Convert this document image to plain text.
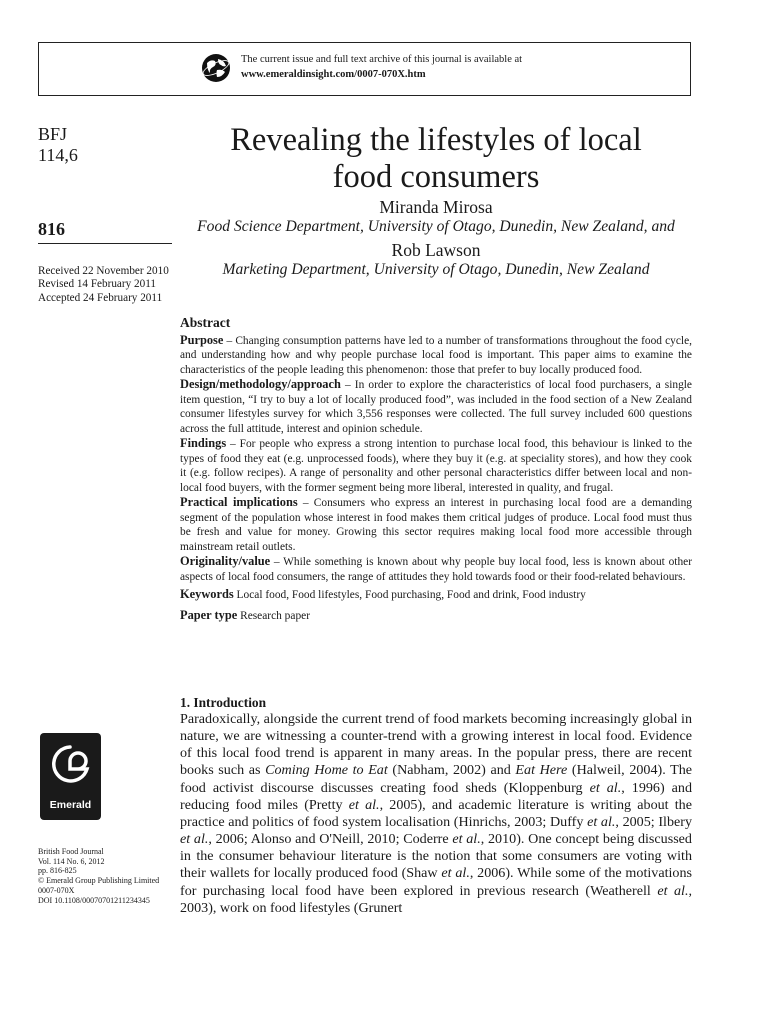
The current issue and full text archive of this journal is available at
www.emeraldinsight.com/0007-070X.htm
BFJ
114,6
816
Received 22 November 2010
Revised 14 February 2011
Accepted 24 February 2011
Revealing the lifestyles of local
food consumers
Miranda Mirosa
Food Science Department, University of Otago, Dunedin, New Zealand, and
Rob Lawson
Marketing Department, University of Otago, Dunedin, New Zealand
Abstract

Purpose – Changing consumption patterns have led to a number of transformations throughout the food cycle, and understanding how and why people purchase local food is important. This paper aims to examine the characteristics of the people leading this phenomenon: those that prefer to buy locally produced food.

Design/methodology/approach – In order to explore the characteristics of local food purchasers, a single item question, “I try to buy a lot of locally produced food”, was included in the food section of a New Zealand consumer lifestyles survey for which 3,556 responses were collected. The full survey included 600 questions across the full attitude, interest and opinion schedule.

Findings – For people who express a strong intention to purchase local food, this behaviour is linked to the types of food they eat (e.g. unprocessed foods), where they buy it (e.g. at speciality stores), and how they cook it (e.g. follow recipes). A range of personality and other personal characteristics differ between local and non-local food buyers, with the former segment being more liberal, interested in quality, and frugal.

Practical implications – Consumers who express an interest in purchasing local food are a demanding segment of the population whose interest in food makes them critical judges of produce. Local food must thus be fresh and value for money. Growing this sector requires making local food more accessible through mainstream retail outlets.

Originality/value – While something is known about why people buy local food, less is known about other aspects of local food consumers, the range of attitudes they hold towards food or their food-related behaviours.

Keywords Local food, Food lifestyles, Food purchasing, Food and drink, Food industry

Paper type Research paper

1. Introduction

Paradoxically, alongside the current trend of food markets becoming increasingly global in nature, we are witnessing a counter-trend with a growing interest in local food. Evidence of this local food trend is apparent in many areas. In the popular press, there are recent books such as Coming Home to Eat (Nabham, 2002) and Eat Here (Halweil, 2004). The food activist discourse discusses creating food sheds (Kloppenburg et al., 1996) and reducing food miles (Pretty et al., 2005), and academic literature is writing about the practice and politics of food system localisation (Hinrichs, 2003; Duffy et al., 2005; Ilbery et al., 2006; Alonso and O'Neill, 2010; Coderre et al., 2010). One concept being discussed in the consumer behaviour literature is the notion that some consumers are voting with their wallets for locally produced food (Shaw et al., 2006). While some of the motivations for purchasing local food have been explored in previous research (Weatherell et al., 2003), work on food lifestyles (Grunert

Emerald
British Food Journal
Vol. 114 No. 6, 2012
pp. 816-825
© Emerald Group Publishing Limited
0007-070X
DOI 10.1108/00070701211234345
